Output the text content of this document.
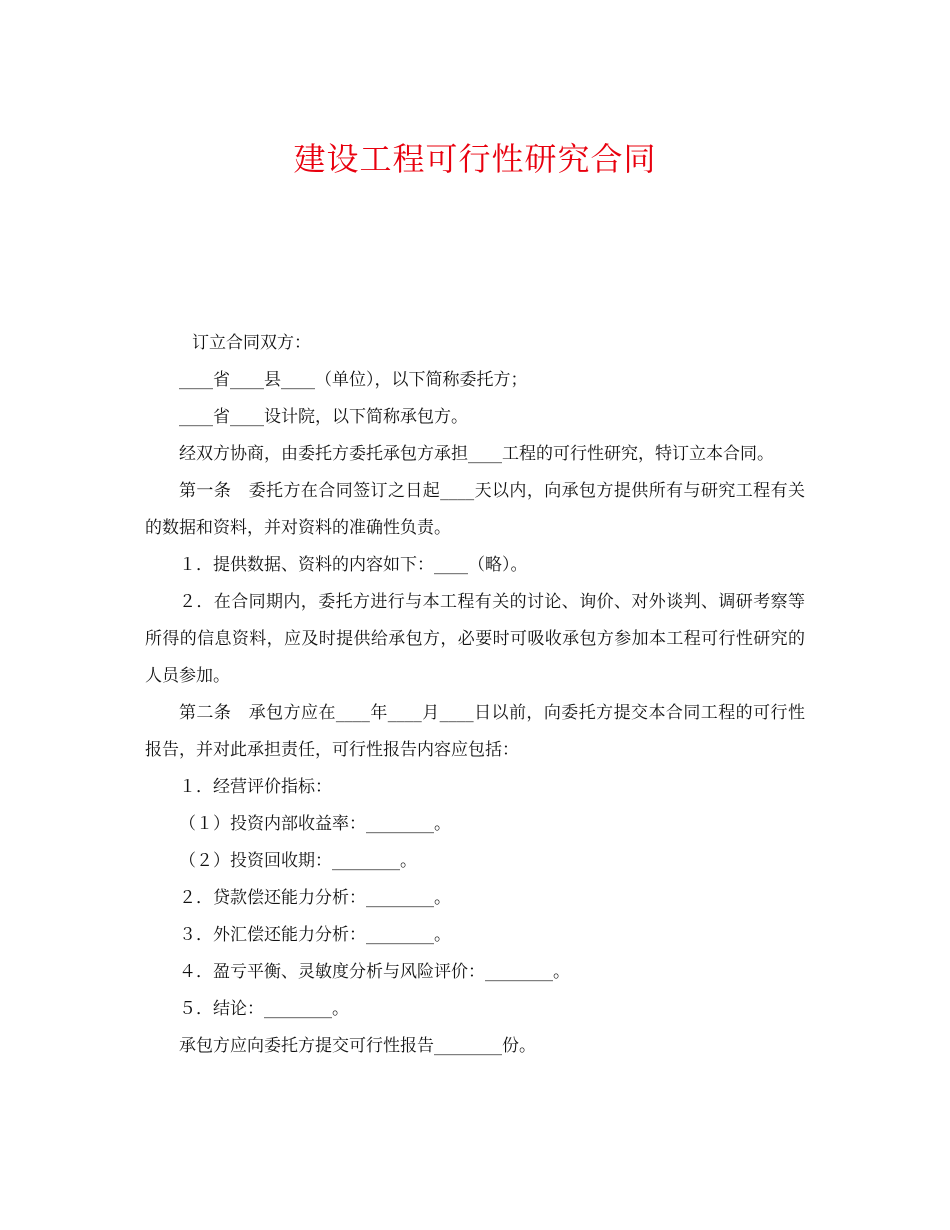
建设工程可行性研究合同

订立合同双方：

____省____县____（单位），以下简称委托方；

____省____设计院，以下简称承包方。

经双方协商，由委托方委托承包方承担____工程的可行性研究，特订立本合同。

第一条　委托方在合同签订之日起____天以内，向承包方提供所有与研究工程有关的数据和资料，并对资料的准确性负责。

１．提供数据、资料的内容如下：____（略）。

２．在合同期内，委托方进行与本工程有关的讨论、询价、对外谈判、调研考察等所得的信息资料，应及时提供给承包方，必要时可吸收承包方参加本工程可行性研究的人员参加。

第二条　承包方应在____年____月____日以前，向委托方提交本合同工程的可行性报告，并对此承担责任，可行性报告内容应包括：

１．经营评价指标：

（１）投资内部收益率：________。

（２）投资回收期：________。

２．贷款偿还能力分析：________。

３．外汇偿还能力分析：________。

４．盈亏平衡、灵敏度分析与风险评价：________。

５．结论：________。

承包方应向委托方提交可行性报告________份。
